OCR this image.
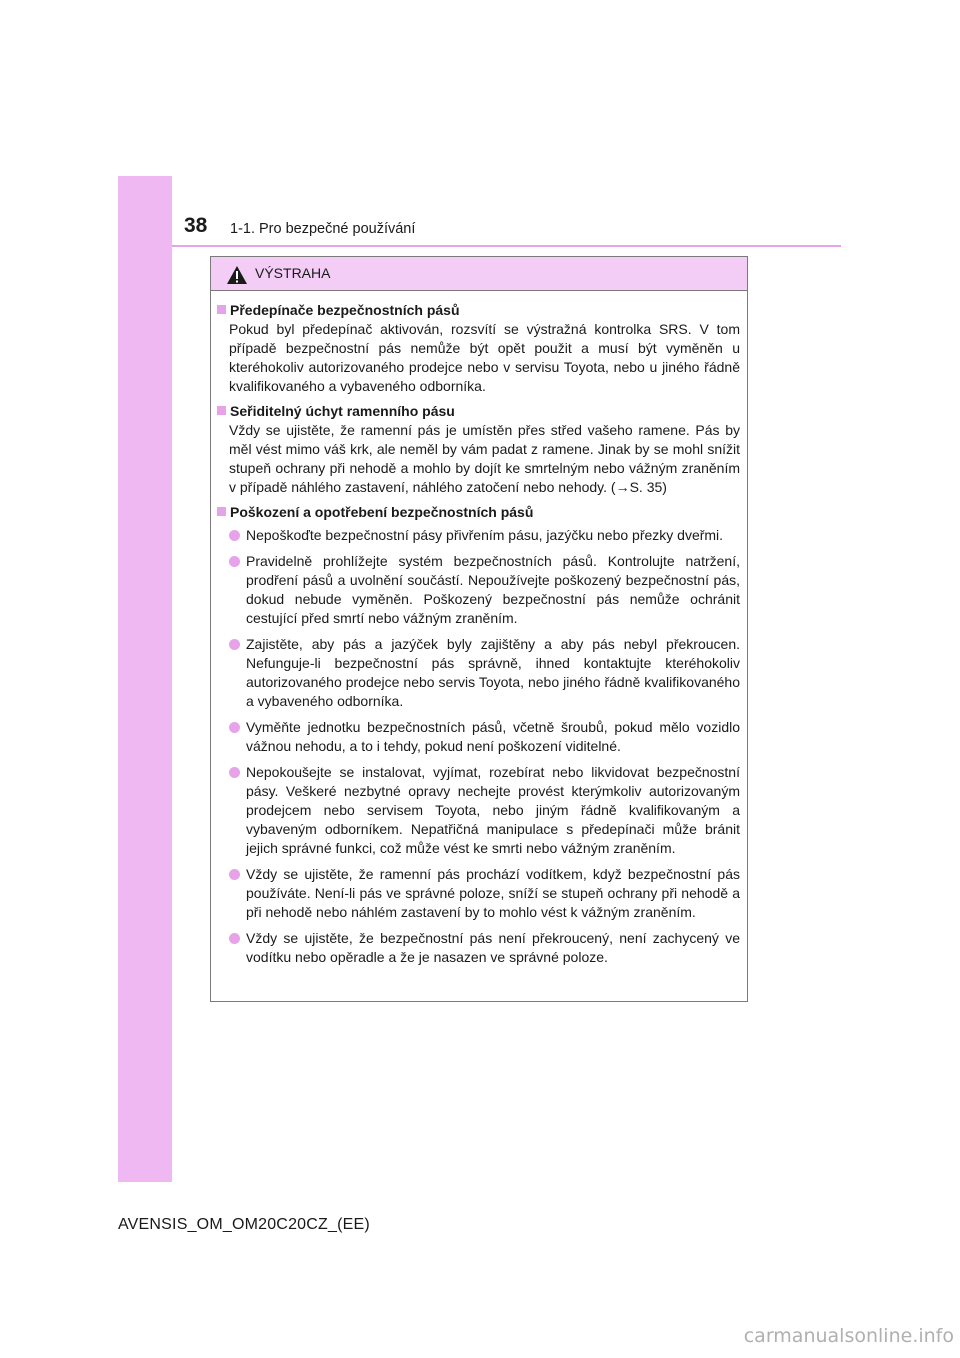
38 1-1. Pro bezpečné používání
VÝSTRAHA
Předepínače bezpečnostních pásů
Pokud byl předepínač aktivován, rozsvítí se výstražná kontrolka SRS. V tom případě bezpečnostní pás nemůže být opět použit a musí být vyměněn u kteréhokoliv autorizovaného prodejce nebo v servisu Toyota, nebo u jiného řádně kvalifikovaného a vybaveného odborníka.
Seřiditelný úchyt ramenního pásu
Vždy se ujistěte, že ramenní pás je umístěn přes střed vašeho ramene. Pás by měl vést mimo váš krk, ale neměl by vám padat z ramene. Jinak by se mohl snížit stupeň ochrany při nehodě a mohlo by dojít ke smrtelným nebo vážným zraněním v případě náhlého zastavení, náhlého zatočení nebo nehody. (→S. 35)
Poškození a opotřebení bezpečnostních pásů
Nepoškoďte bezpečnostní pásy přivřením pásu, jazýčku nebo přezky dveřmi.
Pravidelně prohlížejte systém bezpečnostních pásů. Kontrolujte natržení, prodření pásů a uvolnění součástí. Nepoužívejte poškozený bezpečnostní pás, dokud nebude vyměněn. Poškozený bezpečnostní pás nemůže ochránit cestující před smrtí nebo vážným zraněním.
Zajistěte, aby pás a jazýček byly zajištěny a aby pás nebyl překroucen. Nefunguje-li bezpečnostní pás správně, ihned kontaktujte kteréhokoliv autorizovaného prodejce nebo servis Toyota, nebo jiného řádně kvalifikovaného a vybaveného odborníka.
Vyměňte jednotku bezpečnostních pásů, včetně šroubů, pokud mělo vozidlo vážnou nehodu, a to i tehdy, pokud není poškození viditelné.
Nepokoušejte se instalovat, vyjímat, rozebírat nebo likvidovat bezpečnostní pásy. Veškeré nezbytné opravy nechejte provést kterýmkoliv autorizovaným prodejcem nebo servisem Toyota, nebo jiným řádně kvalifikovaným a vybaveným odborníkem. Nepatřičná manipulace s předepínači může bránit jejich správné funkci, což může vést ke smrti nebo vážným zraněním.
Vždy se ujistěte, že ramenní pás prochází vodítkem, když bezpečnostní pás používáte. Není-li pás ve správné poloze, sníží se stupeň ochrany při nehodě a při nehodě nebo náhlém zastavení by to mohlo vést k vážným zraněním.
Vždy se ujistěte, že bezpečnostní pás není překroucený, není zachycený ve vodítku nebo opěradle a že je nasazen ve správné poloze.
AVENSIS_OM_OM20C20CZ_(EE)
carmanualsonline.info
